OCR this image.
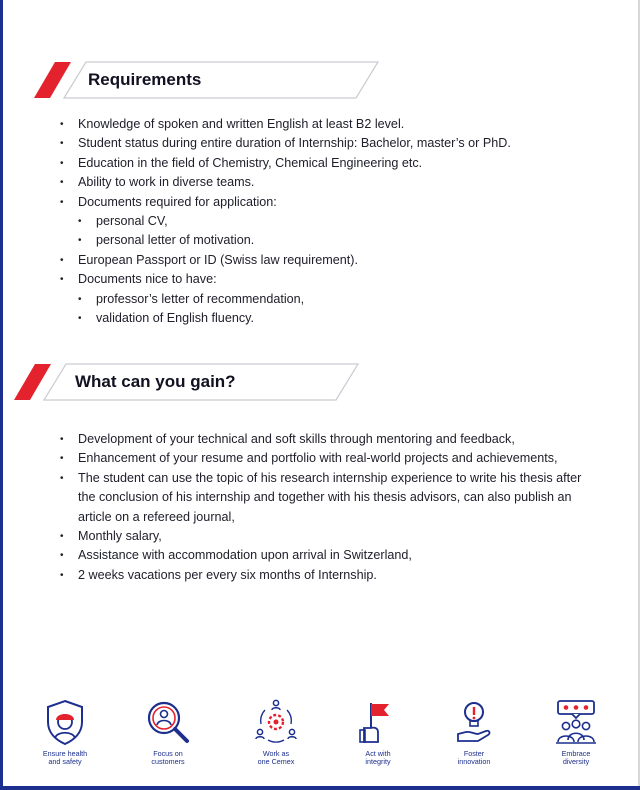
Requirements
• Knowledge of spoken and written English at least B2 level.
• Student status during entire duration of Internship: Bachelor, master’s or PhD.
• Education in the field of Chemistry, Chemical Engineering etc.
• Ability to work in diverse teams.
• Documents required for application:
• personal CV,
• personal letter of motivation.
• European Passport or ID (Swiss law requirement).
• Documents nice to have:
• professor’s letter of recommendation,
• validation of English fluency.
What can you gain?
• Development of your technical and soft skills through mentoring and feedback,
• Enhancement of your resume and portfolio with real-world projects and achievements,
• The student can use the topic of his research internship experience to write his thesis after the conclusion of his internship and together with his thesis advisors, can also publish an article on a refereed journal,
• Monthly salary,
• Assistance with accommodation upon arrival in Switzerland,
• 2 weeks vacations per every six months of Internship.
Ensure health
and safety
Focus on
customers
Work as
one Cemex
Act with
integrity
Foster
innovation
Embrace
diversity
